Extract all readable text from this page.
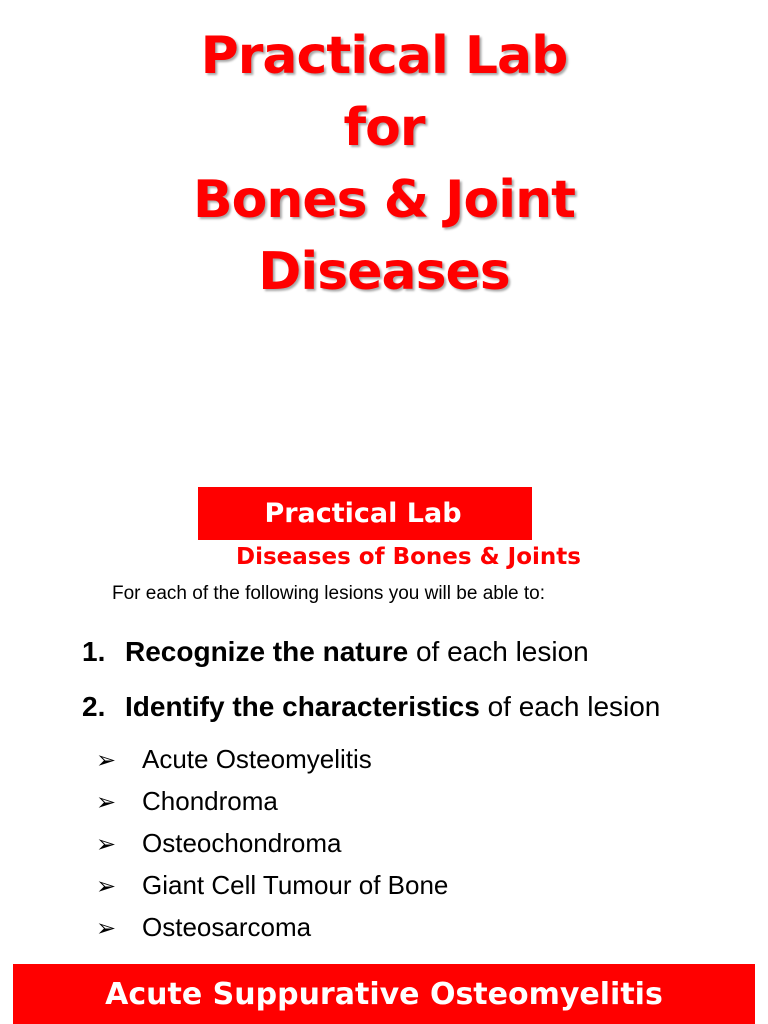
Practical Lab
for
Bones & Joint
Diseases
Practical Lab
Diseases of Bones & Joints
For each of the following lesions you will be able to:
1. Recognize the nature of each lesion
2. Identify the characteristics of each lesion
➢ Acute Osteomyelitis
➢ Chondroma
➢ Osteochondroma
➢ Giant Cell Tumour of Bone
➢ Osteosarcoma
Acute Suppurative Osteomyelitis
